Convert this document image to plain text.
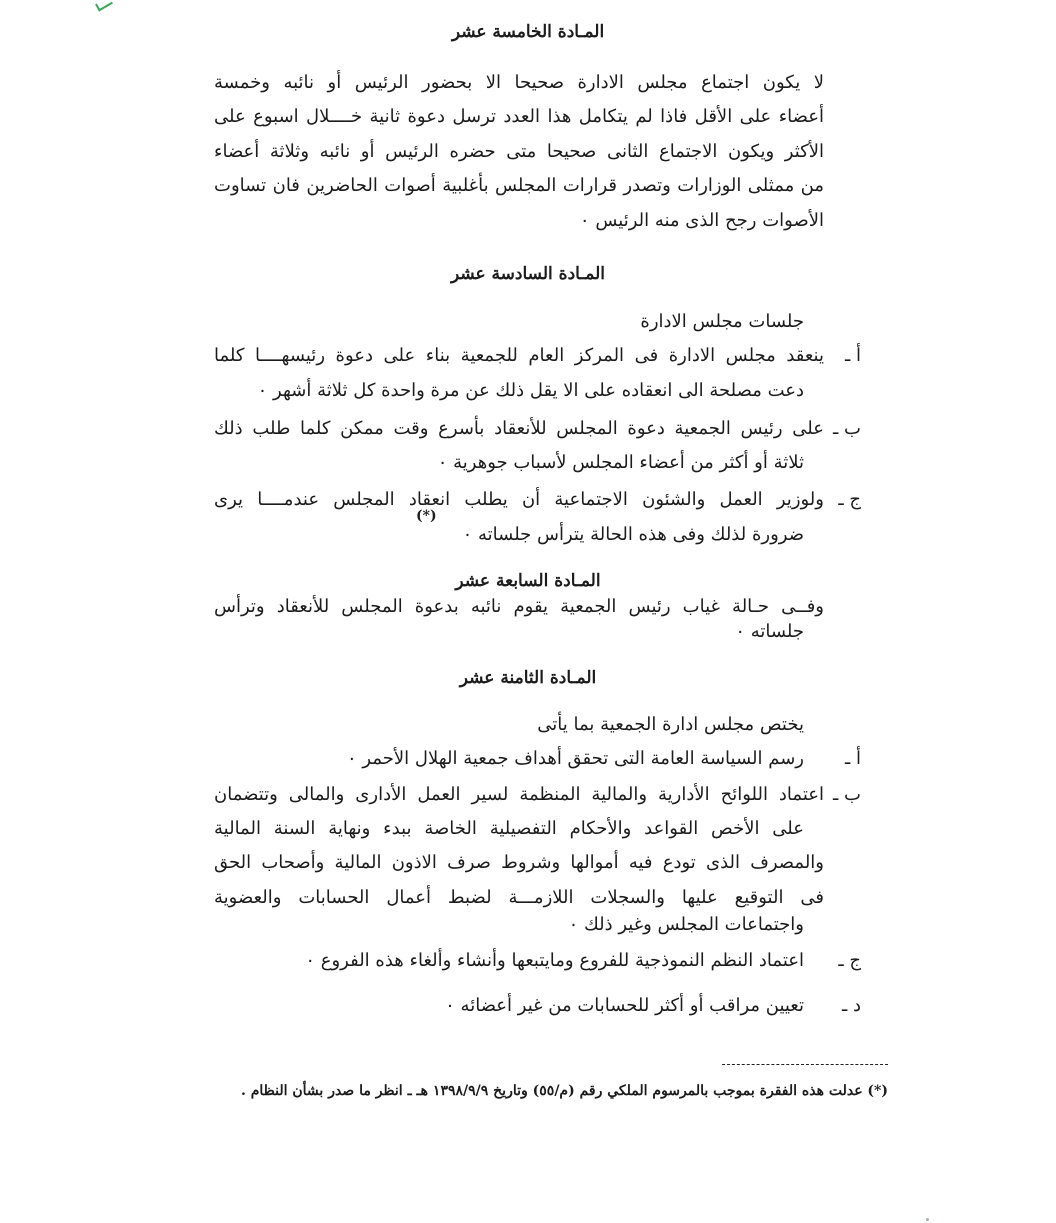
المـادة الخامسة عشر
لا يكون اجتماع مجلس الادارة صحيحا الا بحضور الرئيس أو نائبه وخمسة
أعضاء على الأقل فاذا لم يتكامل هذا العدد ترسل دعوة ثانية خــــلال اسبوع على
الأكثر ويكون الاجتماع الثانى صحيحا متى حضره الرئيس أو نائبه وثلاثة أعضاء
من ممثلى الوزارات وتصدر قرارات المجلس بأغلبية أصوات الحاضرين فان تساوت
الأصوات رجح الذى منه الرئيس ٠
المـادة السادسة عشر
جلسات مجلس الادارة
أ ـ
ينعقد مجلس الادارة فى المركز العام للجمعية بناء على دعوة رئيسهــــا كلما
دعت مصلحة الى انعقاده على الا يقل ذلك عن مرة واحدة كل ثلاثة أشهر ٠
ب ـ
على رئيس الجمعية دعوة المجلس للأنعقاد بأسرع وقت ممكن كلما طلب ذلك
ثلاثة أو أكثر من أعضاء المجلس لأسباب جوهرية ٠
ج ـ
ولوزير العمل والشئون الاجتماعية أن يطلب انعقاد المجلس عندمــــا يرى
(*)
ضرورة لذلك وفى هذه الحالة يترأس جلساته ٠
المـادة السابعة عشر
وفــى حـالة غياب رئيس الجمعية يقوم نائبه بدعوة المجلس للأنعقاد وترأس
جلساته ٠
المـادة الثامنة عشر
يختص مجلس ادارة الجمعية بما يأتى
أ ـ
رسم السياسة العامة التى تحقق أهداف جمعية الهلال الأحمر ٠
ب ـ
اعتماد اللوائح الأدارية والمالية المنظمة لسير العمل الأدارى والمالى وتتضمان
على الأخص القواعد والأحكام التفصيلية الخاصة ببدء ونهاية السنة المالية
والمصرف الذى تودع فيه أموالها وشروط صرف الاذون المالية وأصحاب الحق
فى التوقيع عليها والسجلات اللازمـــة لضبط أعمال الحسابات والعضوية
واجتماعات المجلس وغير ذلك ٠
ج ـ
اعتماد النظم النموذجية للفروع ومايتبعها وأنشاء وألغاء هذه الفروع ٠
د ـ
تعيين مراقب أو أكثر للحسابات من غير أعضائه ٠
(*) عدلت هذه الفقرة بموجب بالمرسوم الملكي رقم (م/٥٥) وتاريخ ١٣٩٨/٩/٩ هـ ـ انظر ما صدر بشأن النظام .
